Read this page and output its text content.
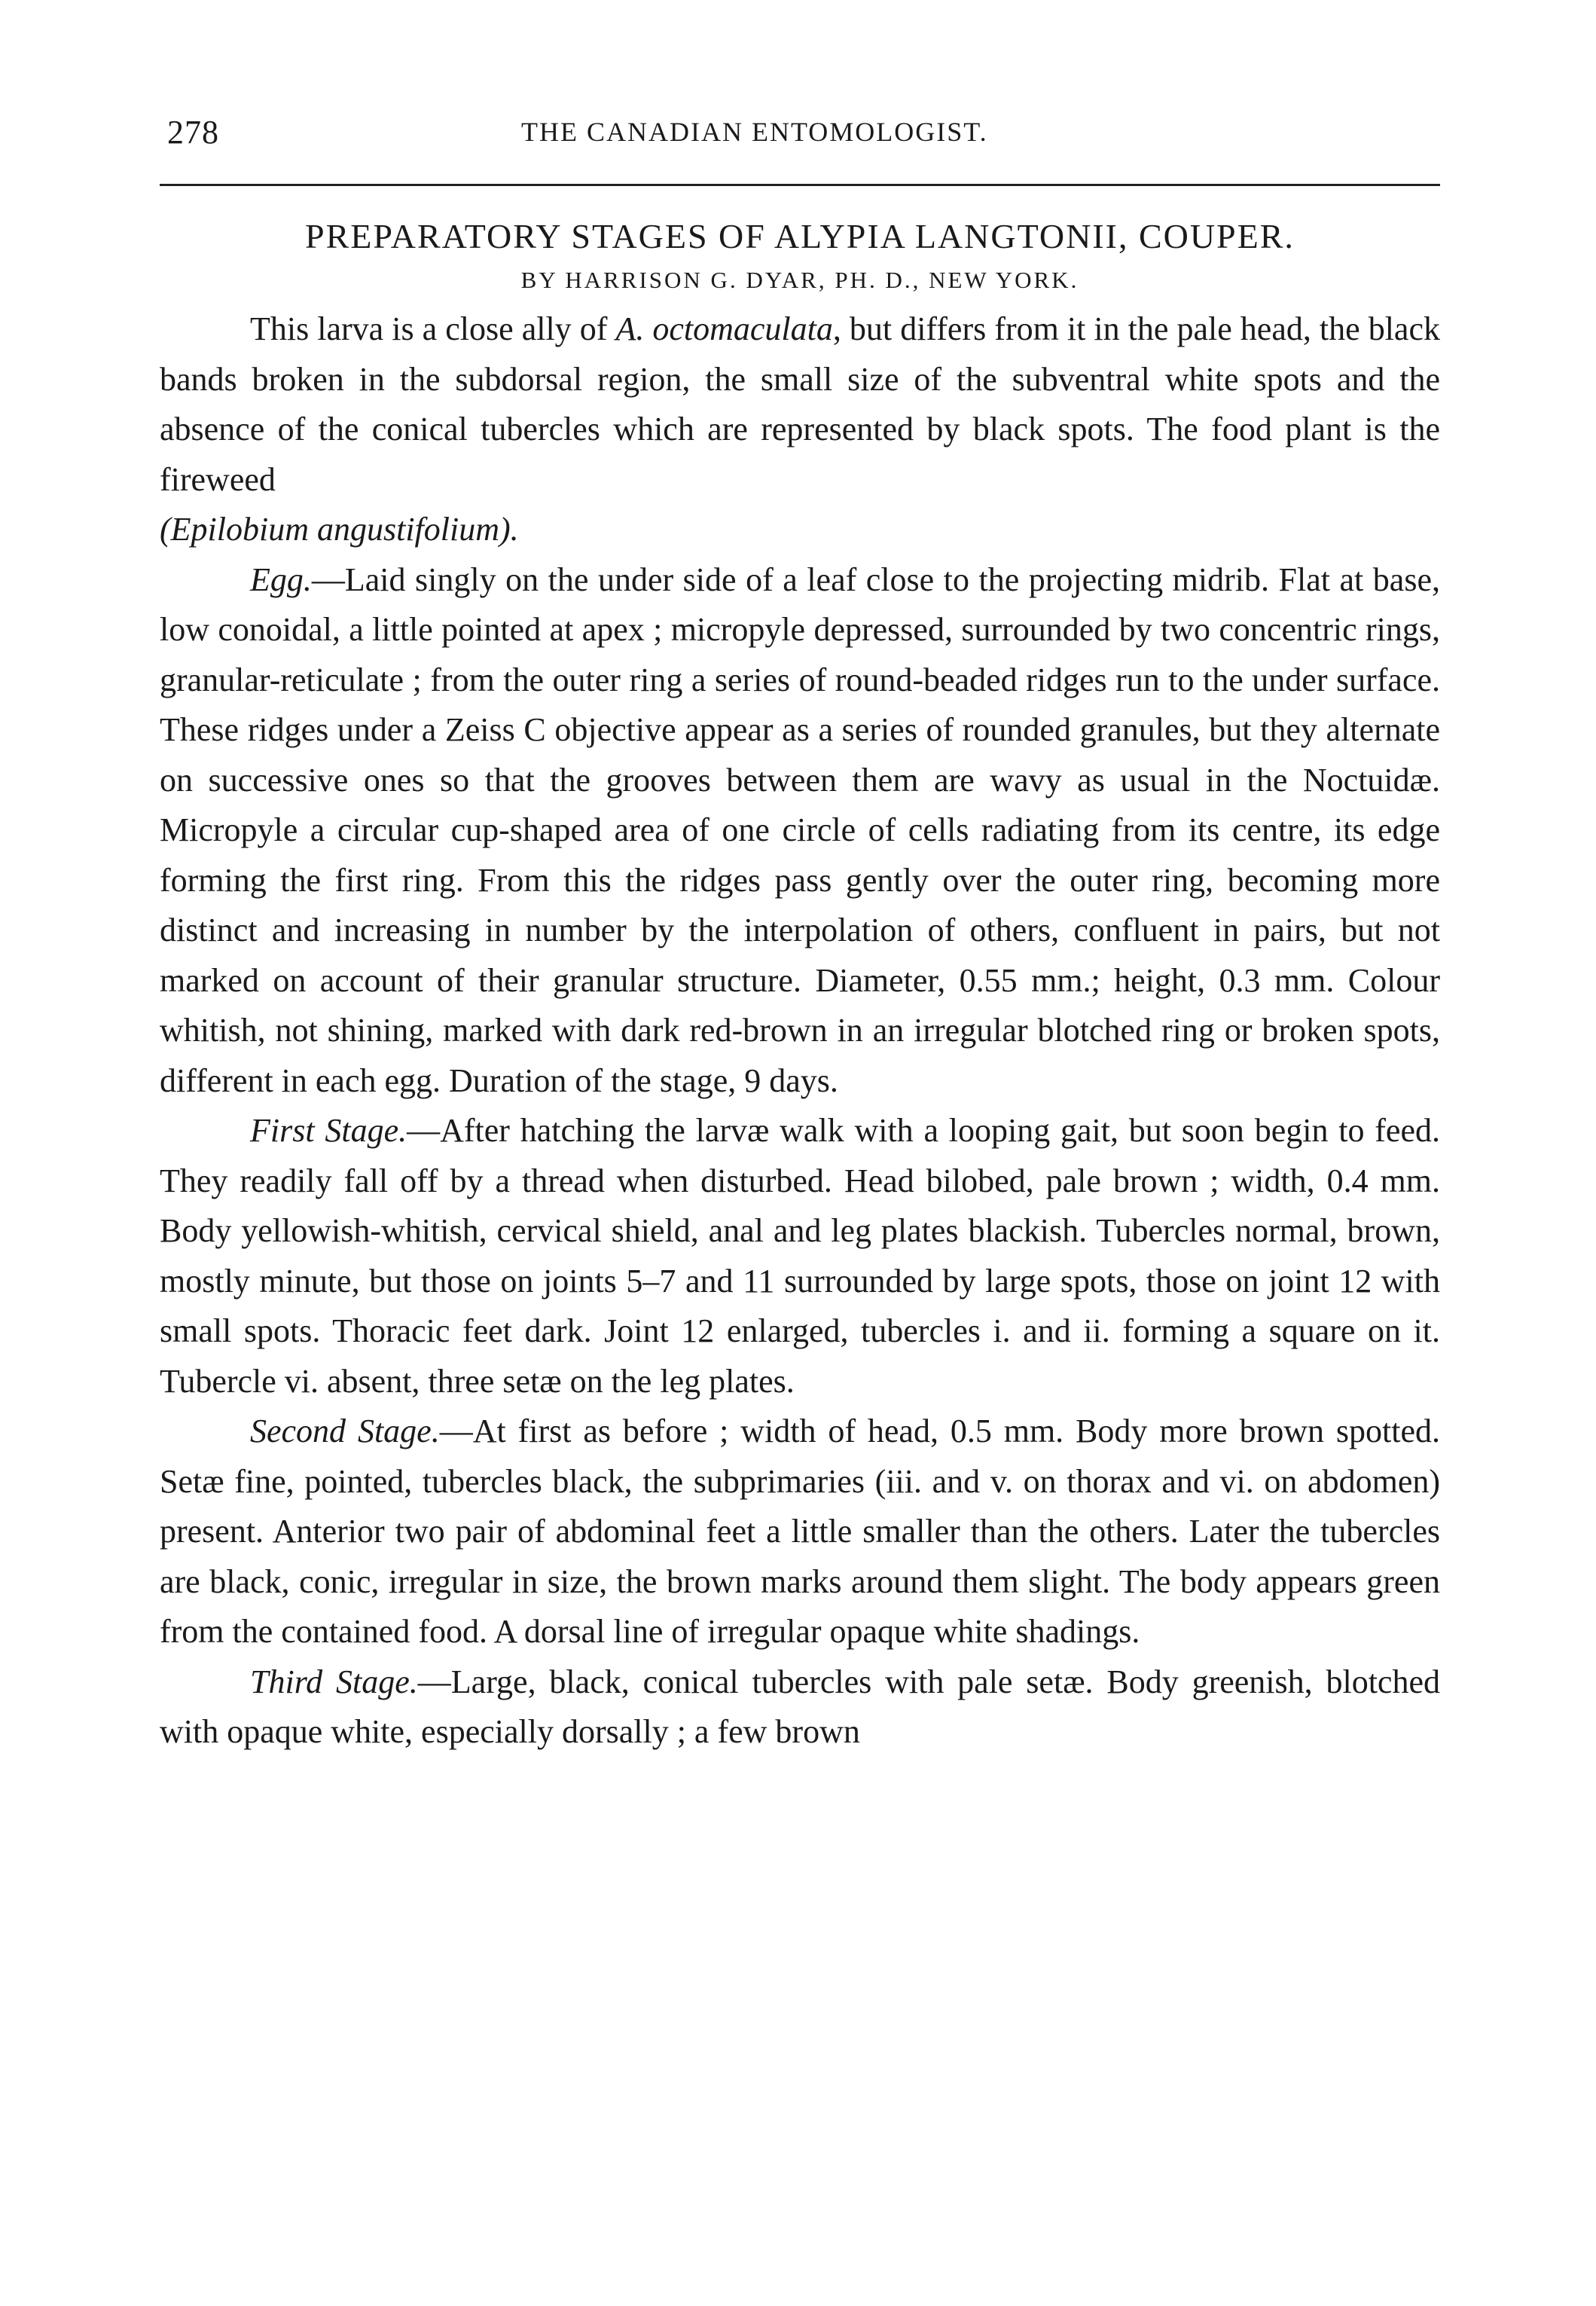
278	THE CANADIAN ENTOMOLOGIST.
PREPARATORY STAGES OF ALYPIA LANGTONII, COUPER.
BY HARRISON G. DYAR, PH. D., NEW YORK.

This larva is a close ally of A. octomaculata, but differs from it in the pale head, the black bands broken in the subdorsal region, the small size of the subventral white spots and the absence of the conical tubercles which are represented by black spots. The food plant is the fireweed

(Epilobium angustifolium).

Egg.—Laid singly on the under side of a leaf close to the projecting midrib. Flat at base, low conoidal, a little pointed at apex ; micropyle depressed, surrounded by two concentric rings, granular-reticulate ; from the outer ring a series of round-beaded ridges run to the under surface. These ridges under a Zeiss C objective appear as a series of rounded granules, but they alternate on successive ones so that the grooves between them are wavy as usual in the Noctuidæ. Micropyle a circular cup-shaped area of one circle of cells radiating from its centre, its edge forming the first ring. From this the ridges pass gently over the outer ring, becoming more distinct and increasing in number by the interpolation of others, confluent in pairs, but not marked on account of their granular structure. Diameter, 0.55 mm.; height, 0.3 mm. Colour whitish, not shining, marked with dark red-brown in an irregular blotched ring or broken spots, different in each egg. Duration of the stage, 9 days.

First Stage.—After hatching the larvæ walk with a looping gait, but soon begin to feed. They readily fall off by a thread when disturbed. Head bilobed, pale brown ; width, 0.4 mm. Body yellowish-whitish, cervical shield, anal and leg plates blackish. Tubercles normal, brown, mostly minute, but those on joints 5–7 and 11 surrounded by large spots, those on joint 12 with small spots. Thoracic feet dark. Joint 12 enlarged, tubercles i. and ii. forming a square on it. Tubercle vi. absent, three setæ on the leg plates.

Second Stage.—At first as before ; width of head, 0.5 mm. Body more brown spotted. Setæ fine, pointed, tubercles black, the subprimaries (iii. and v. on thorax and vi. on abdomen) present. Anterior two pair of abdominal feet a little smaller than the others. Later the tubercles are black, conic, irregular in size, the brown marks around them slight. The body appears green from the contained food. A dorsal line of irregular opaque white shadings.

Third Stage.—Large, black, conical tubercles with pale setæ. Body greenish, blotched with opaque white, especially dorsally ; a few brown
